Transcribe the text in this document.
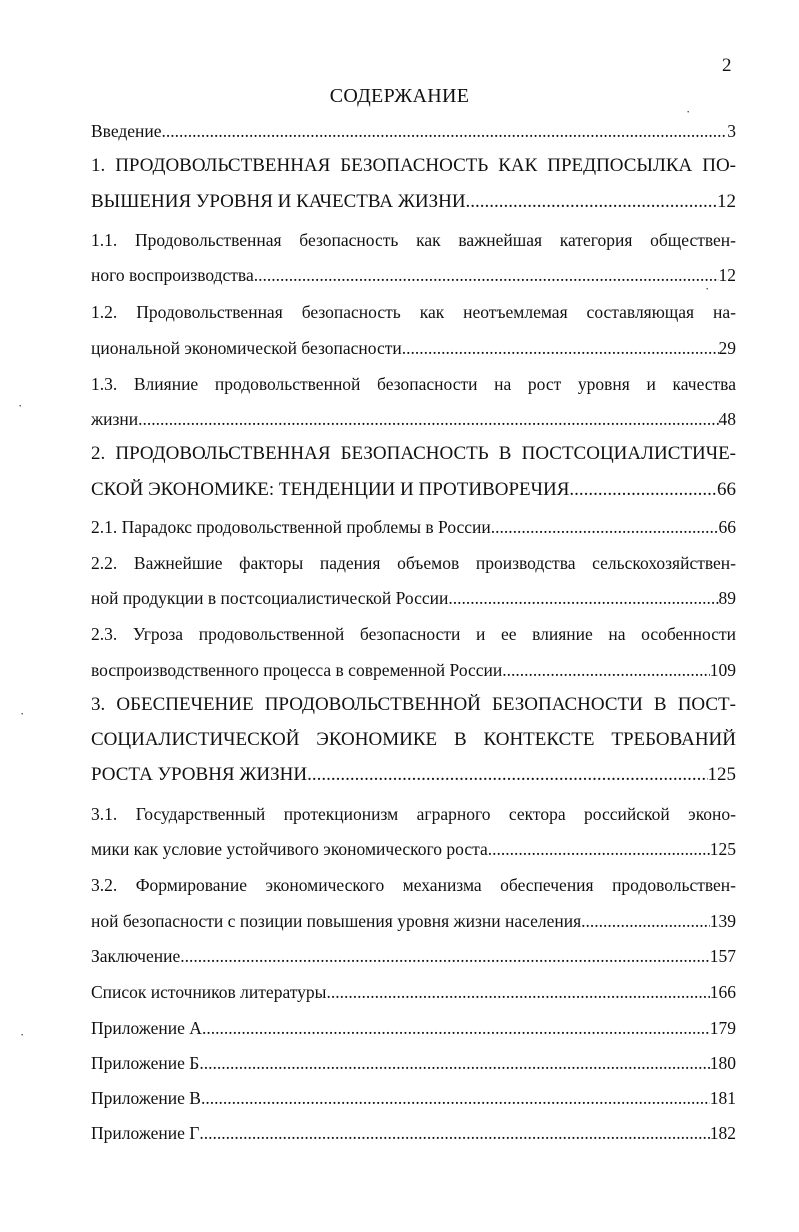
2
СОДЕРЖАНИЕ
Введение .....	3
1. ПРОДОВОЛЬСТВЕННАЯ БЕЗОПАСНОСТЬ КАК ПРЕДПОСЫЛКА ПО-
ВЫШЕНИЯ УРОВНЯ И КАЧЕСТВА ЖИЗНИ .....	12
1.1. Продовольственная безопасность как важнейшая категория обществен-
ного воспроизводства .....	12
1.2. Продовольственная безопасность как неотъемлемая составляющая на-
циональной экономической безопасности .....	29
1.3. Влияние продовольственной безопасности на рост уровня и качества
жизни .....	48
2. ПРОДОВОЛЬСТВЕННАЯ БЕЗОПАСНОСТЬ В ПОСТСОЦИАЛИСТИЧЕ-
СКОЙ ЭКОНОМИКЕ: ТЕНДЕНЦИИ И ПРОТИВОРЕЧИЯ .....	66
2.1. Парадокс продовольственной проблемы в России .....	66
2.2. Важнейшие факторы падения объемов производства сельскохозяйствен-
ной продукции в постсоциалистической России .....	89
2.3. Угроза продовольственной безопасности и ее влияние на особенности
воспроизводственного процесса в современной России .....	109
3. ОБЕСПЕЧЕНИЕ ПРОДОВОЛЬСТВЕННОЙ БЕЗОПАСНОСТИ В ПОСТ-
СОЦИАЛИСТИЧЕСКОЙ ЭКОНОМИКЕ В КОНТЕКСТЕ ТРЕБОВАНИЙ
РОСТА УРОВНЯ ЖИЗНИ .....	125
3.1. Государственный протекционизм аграрного сектора российской эконо-
мики как условие устойчивого экономического роста .....	125
3.2. Формирование экономического механизма обеспечения продовольствен-
ной безопасности с позиции повышения уровня жизни населения .....	139
Заключение .....	157
Список источников литературы .....	166
Приложение А .....	179
Приложение Б .....	180
Приложение В .....	181
Приложение Г .....	182
·
·
·
·
·
